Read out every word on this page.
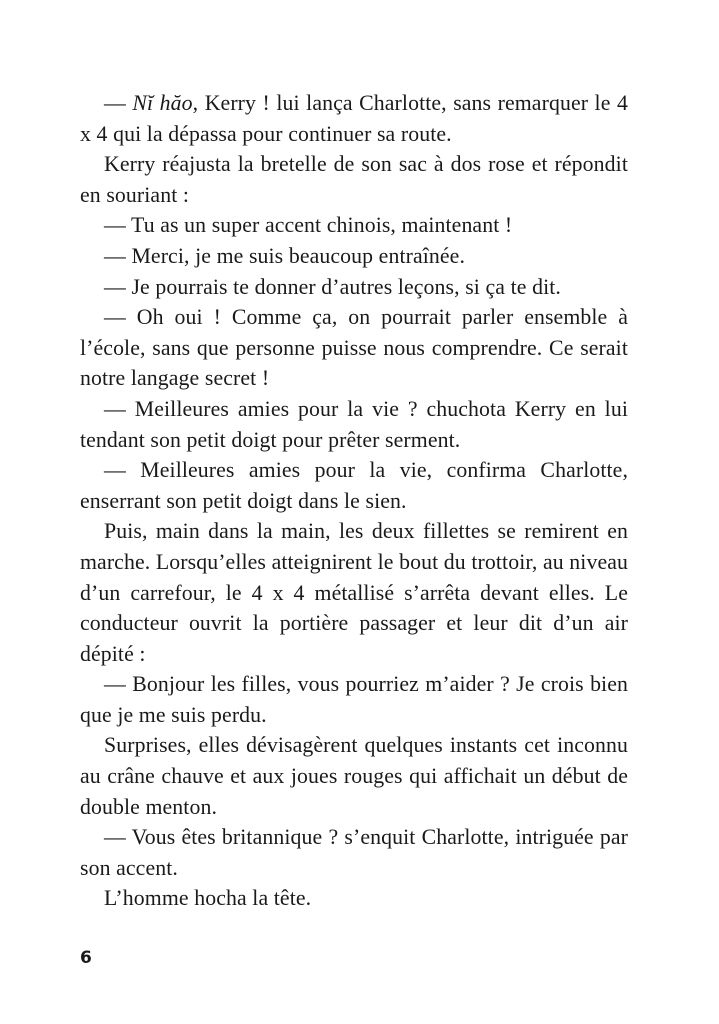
— Nĭ hăo, Kerry ! lui lança Charlotte, sans remarquer le 4 x 4 qui la dépassa pour continuer sa route.

Kerry réajusta la bretelle de son sac à dos rose et répondit en souriant :

— Tu as un super accent chinois, maintenant !

— Merci, je me suis beaucoup entraînée.

— Je pourrais te donner d’autres leçons, si ça te dit.

— Oh oui ! Comme ça, on pourrait parler ensemble à l’école, sans que personne puisse nous comprendre. Ce serait notre langage secret !

— Meilleures amies pour la vie ? chuchota Kerry en lui tendant son petit doigt pour prêter serment.

— Meilleures amies pour la vie, confirma Charlotte, enserrant son petit doigt dans le sien.

Puis, main dans la main, les deux fillettes se remirent en marche. Lorsqu’elles atteignirent le bout du trottoir, au niveau d’un carrefour, le 4 x 4 métallisé s’arrêta devant elles. Le conducteur ouvrit la portière passager et leur dit d’un air dépité :

— Bonjour les filles, vous pourriez m’aider ? Je crois bien que je me suis perdu.

Surprises, elles dévisagèrent quelques instants cet inconnu au crâne chauve et aux joues rouges qui affichait un début de double menton.

— Vous êtes britannique ? s’enquit Charlotte, intriguée par son accent.

L’homme hocha la tête.

6
